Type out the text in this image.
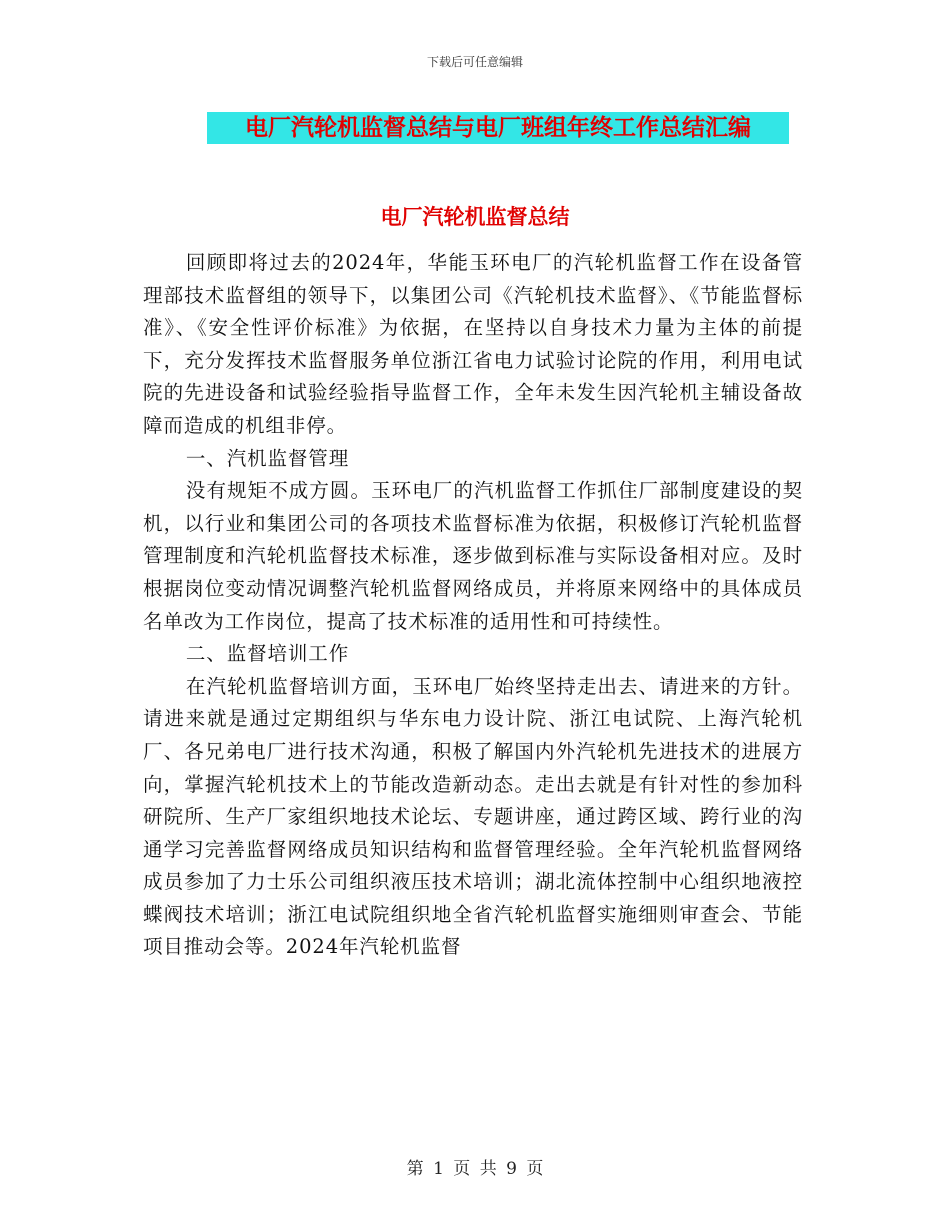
下载后可任意编辑
电厂汽轮机监督总结与电厂班组年终工作总结汇编
电厂汽轮机监督总结

回顾即将过去的2024年，华能玉环电厂的汽轮机监督工作在设备管理部技术监督组的领导下，以集团公司《汽轮机技术监督》、《节能监督标准》、《安全性评价标准》为依据，在坚持以自身技术力量为主体的前提下，充分发挥技术监督服务单位浙江省电力试验讨论院的作用，利用电试院的先进设备和试验经验指导监督工作，全年未发生因汽轮机主辅设备故障而造成的机组非停。

一、汽机监督管理

没有规矩不成方圆。玉环电厂的汽机监督工作抓住厂部制度建设的契机，以行业和集团公司的各项技术监督标准为依据，积极修订汽轮机监督管理制度和汽轮机监督技术标准，逐步做到标准与实际设备相对应。及时根据岗位变动情况调整汽轮机监督网络成员，并将原来网络中的具体成员名单改为工作岗位，提高了技术标准的适用性和可持续性。

二、监督培训工作

在汽轮机监督培训方面，玉环电厂始终坚持走出去、请进来的方针。请进来就是通过定期组织与华东电力设计院、浙江电试院、上海汽轮机厂、各兄弟电厂进行技术沟通，积极了解国内外汽轮机先进技术的进展方向，掌握汽轮机技术上的节能改造新动态。走出去就是有针对性的参加科研院所、生产厂家组织地技术论坛、专题讲座，通过跨区域、跨行业的沟通学习完善监督网络成员知识结构和监督管理经验。全年汽轮机监督网络成员参加了力士乐公司组织液压技术培训；湖北流体控制中心组织地液控蝶阀技术培训；浙江电试院组织地全省汽轮机监督实施细则审查会、节能项目推动会等。2024年汽轮机监督

第 1 页 共 9 页
